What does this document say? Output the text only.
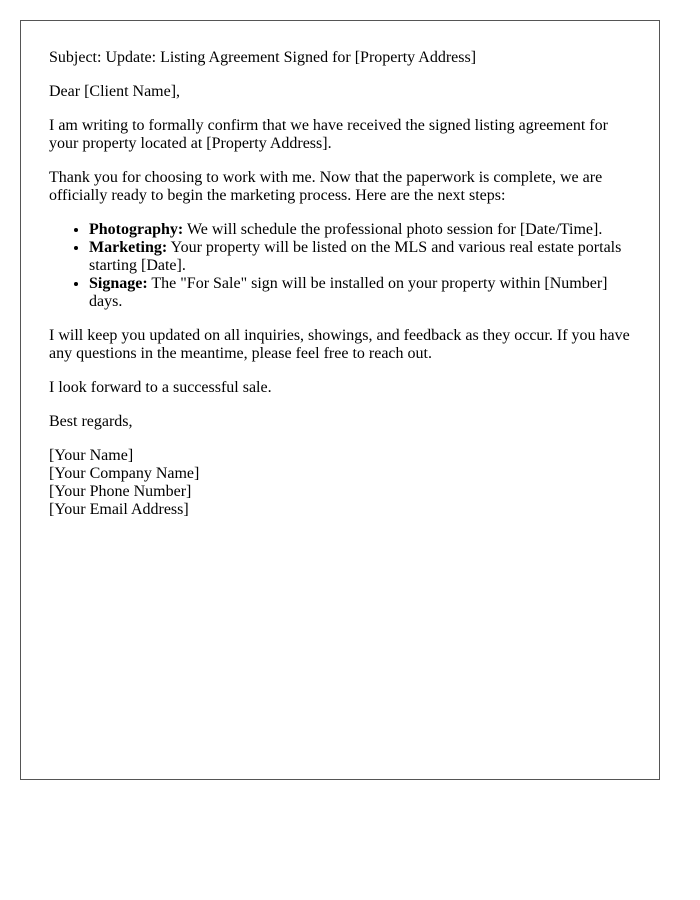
Subject: Update: Listing Agreement Signed for [Property Address]

Dear [Client Name],

I am writing to formally confirm that we have received the signed listing agreement for your property located at [Property Address].

Thank you for choosing to work with me. Now that the paperwork is complete, we are officially ready to begin the marketing process. Here are the next steps:

• Photography: We will schedule the professional photo session for [Date/Time].
• Marketing: Your property will be listed on the MLS and various real estate portals starting [Date].
• Signage: The "For Sale" sign will be installed on your property within [Number] days.

I will keep you updated on all inquiries, showings, and feedback as they occur. If you have any questions in the meantime, please feel free to reach out.

I look forward to a successful sale.

Best regards,

[Your Name]

[Your Company Name]

[Your Phone Number]

[Your Email Address]
